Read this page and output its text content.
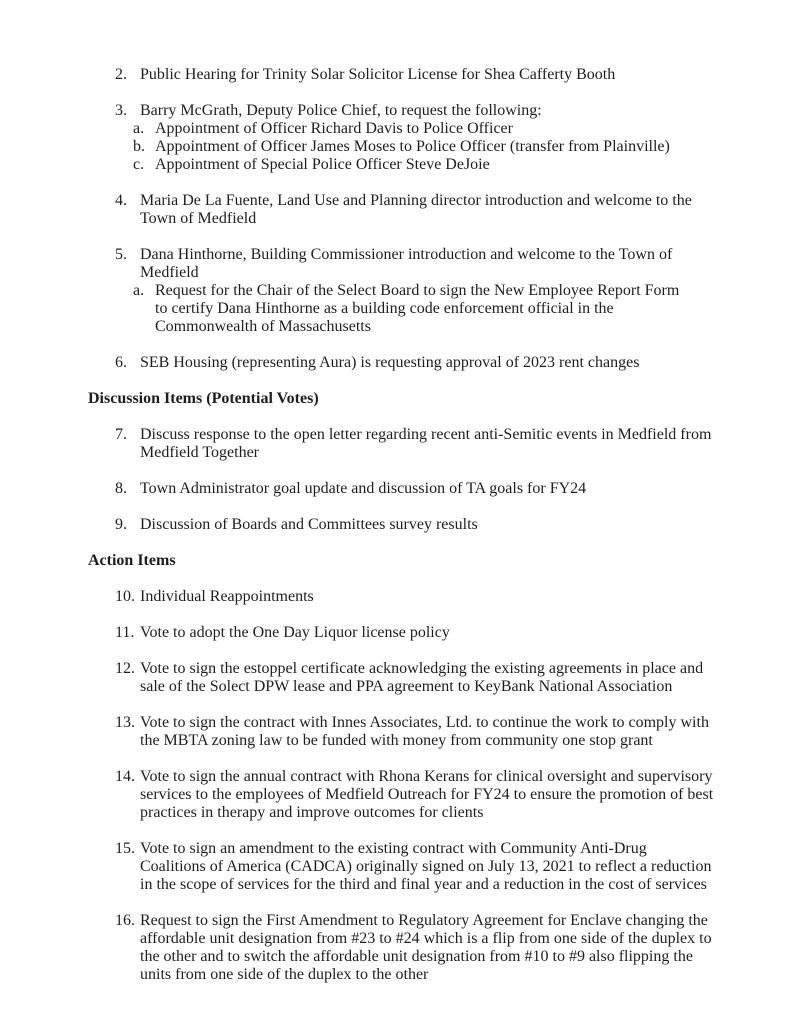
2. Public Hearing for Trinity Solar Solicitor License for Shea Cafferty Booth
3. Barry McGrath, Deputy Police Chief, to request the following:
a. Appointment of Officer Richard Davis to Police Officer
b. Appointment of Officer James Moses to Police Officer (transfer from Plainville)
c. Appointment of Special Police Officer Steve DeJoie
4. Maria De La Fuente, Land Use and Planning director introduction and welcome to the Town of Medfield
5. Dana Hinthorne, Building Commissioner introduction and welcome to the Town of Medfield
a. Request for the Chair of the Select Board to sign the New Employee Report Form to certify Dana Hinthorne as a building code enforcement official in the Commonwealth of Massachusetts
6. SEB Housing (representing Aura) is requesting approval of 2023 rent changes
Discussion Items (Potential Votes)
7. Discuss response to the open letter regarding recent anti-Semitic events in Medfield from Medfield Together
8. Town Administrator goal update and discussion of TA goals for FY24
9. Discussion of Boards and Committees survey results
Action Items
10. Individual Reappointments
11. Vote to adopt the One Day Liquor license policy
12. Vote to sign the estoppel certificate acknowledging the existing agreements in place and sale of the Solect DPW lease and PPA agreement to KeyBank National Association
13. Vote to sign the contract with Innes Associates, Ltd. to continue the work to comply with the MBTA zoning law to be funded with money from community one stop grant
14. Vote to sign the annual contract with Rhona Kerans for clinical oversight and supervisory services to the employees of Medfield Outreach for FY24 to ensure the promotion of best practices in therapy and improve outcomes for clients
15. Vote to sign an amendment to the existing contract with Community Anti-Drug Coalitions of America (CADCA) originally signed on July 13, 2021 to reflect a reduction in the scope of services for the third and final year and a reduction in the cost of services
16. Request to sign the First Amendment to Regulatory Agreement for Enclave changing the affordable unit designation from #23 to #24 which is a flip from one side of the duplex to the other and to switch the affordable unit designation from #10 to #9 also flipping the units from one side of the duplex to the other
